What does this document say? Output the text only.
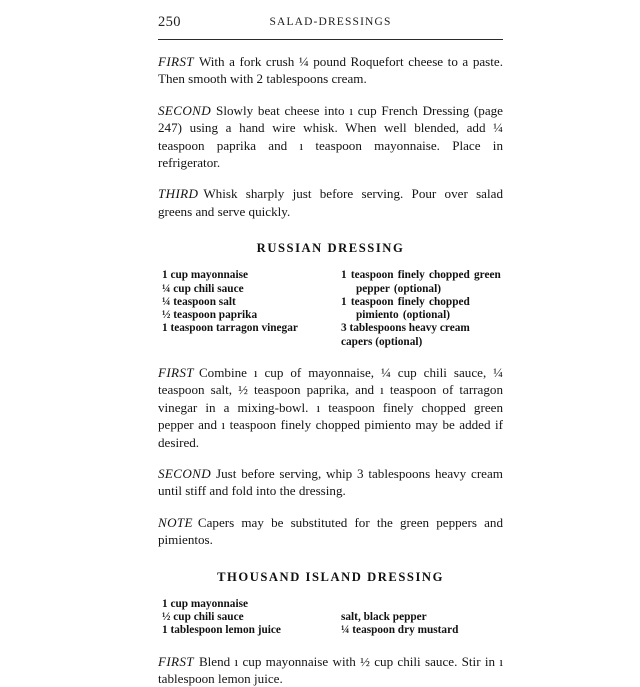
250	SALAD-DRESSINGS

FIRST With a fork crush ¼ pound Roquefort cheese to a paste. Then smooth with 2 tablespoons cream.

SECOND Slowly beat cheese into ı cup French Dressing (page 247) using a hand wire whisk. When well blended, add ¼ teaspoon paprika and ı teaspoon mayonnaise. Place in refrigerator.

THIRD Whisk sharply just before serving. Pour over salad greens and serve quickly.

RUSSIAN DRESSING
1 cup mayonnaise
¼ cup chili sauce
¼ teaspoon salt
½ teaspoon paprika
1 teaspoon tarragon vinegar
1 teaspoon finely chopped green pepper (optional)
1 teaspoon finely chopped pimiento (optional)
3 tablespoons heavy cream
capers (optional)

FIRST Combine ı cup of mayonnaise, ¼ cup chili sauce, ¼ teaspoon salt, ½ teaspoon paprika, and ı teaspoon of tarragon vinegar in a mixing-bowl. ı teaspoon finely chopped green pepper and ı teaspoon finely chopped pimiento may be added if desired.

SECOND Just before serving, whip 3 tablespoons heavy cream until stiff and fold into the dressing.

NOTE Capers may be substituted for the green peppers and pimientos.

THOUSAND ISLAND DRESSING
1 cup mayonnaise
½ cup chili sauce
1 tablespoon lemon juice
salt, black pepper
¼ teaspoon dry mustard

FIRST Blend ı cup mayonnaise with ½ cup chili sauce. Stir in ı tablespoon lemon juice.
